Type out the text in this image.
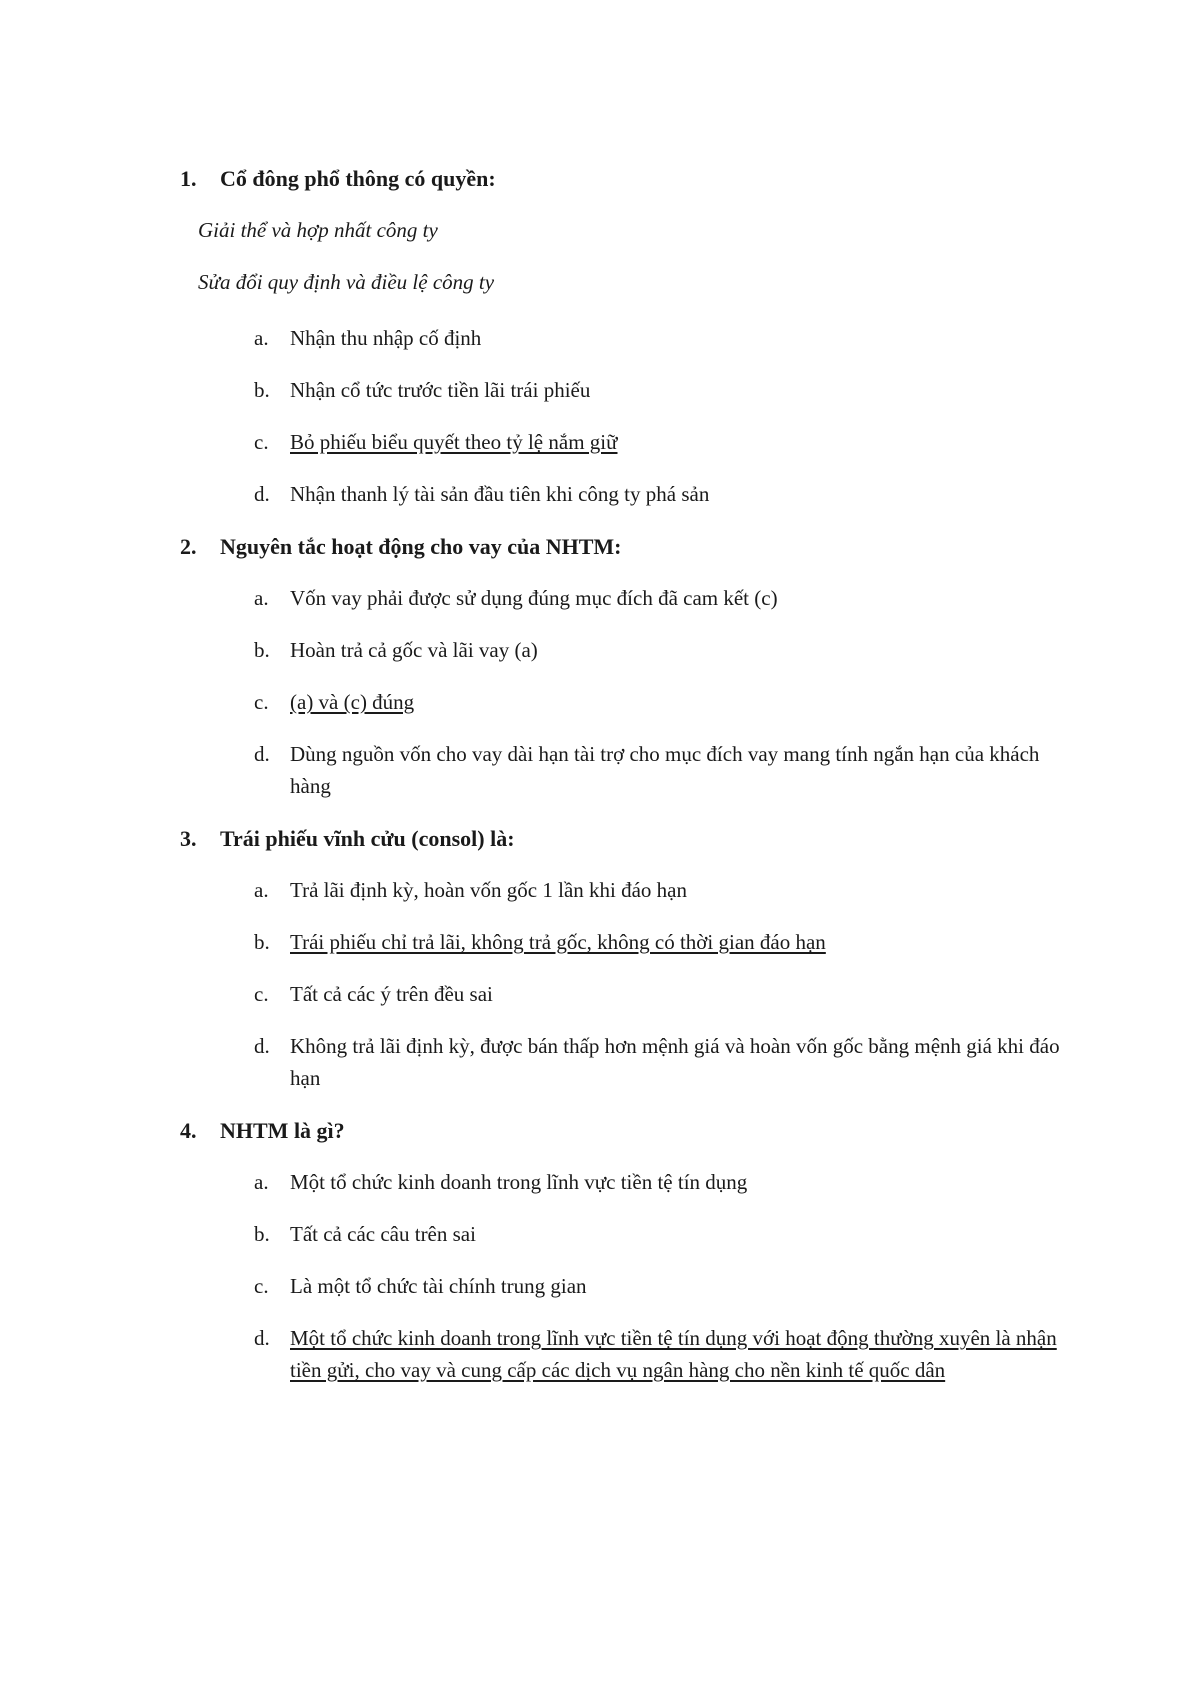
1. Cổ đông phổ thông có quyền:
Giải thể và hợp nhất công ty
Sửa đổi quy định và điều lệ công ty
a.	Nhận thu nhập cố định
b. Nhận cổ tức trước tiền lãi trái phiếu
c.	Bỏ phiếu biểu quyết theo tỷ lệ nắm giữ
d. Nhận thanh lý tài sản đầu tiên khi công ty phá sản
2. Nguyên tắc hoạt động cho vay của NHTM:
a.	Vốn vay phải được sử dụng đúng mục đích đã cam kết (c)
b. Hoàn trả cả gốc và lãi vay (a)
c.	(a) và (c) đúng
d. Dùng nguồn vốn cho vay dài hạn tài trợ cho mục đích vay mang tính ngắn hạn của khách hàng
3. Trái phiếu vĩnh cửu (consol) là:
a.	Trả lãi định kỳ, hoàn vốn gốc 1 lần khi đáo hạn
b. Trái phiếu chỉ trả lãi, không trả gốc, không có thời gian đáo hạn
c.	Tất cả các ý trên đều sai
d. Không trả lãi định kỳ, được bán thấp hơn mệnh giá và hoàn vốn gốc bằng mệnh giá khi đáo hạn
4. NHTM là gì?
a.	Một tổ chức kinh doanh trong lĩnh vực tiền tệ tín dụng
b. Tất cả các câu trên sai
c.	Là một tổ chức tài chính trung gian
d. Một tổ chức kinh doanh trong lĩnh vực tiền tệ tín dụng với hoạt động thường xuyên là nhận tiền gửi, cho vay và cung cấp các dịch vụ ngân hàng cho nền kinh tế quốc dân
